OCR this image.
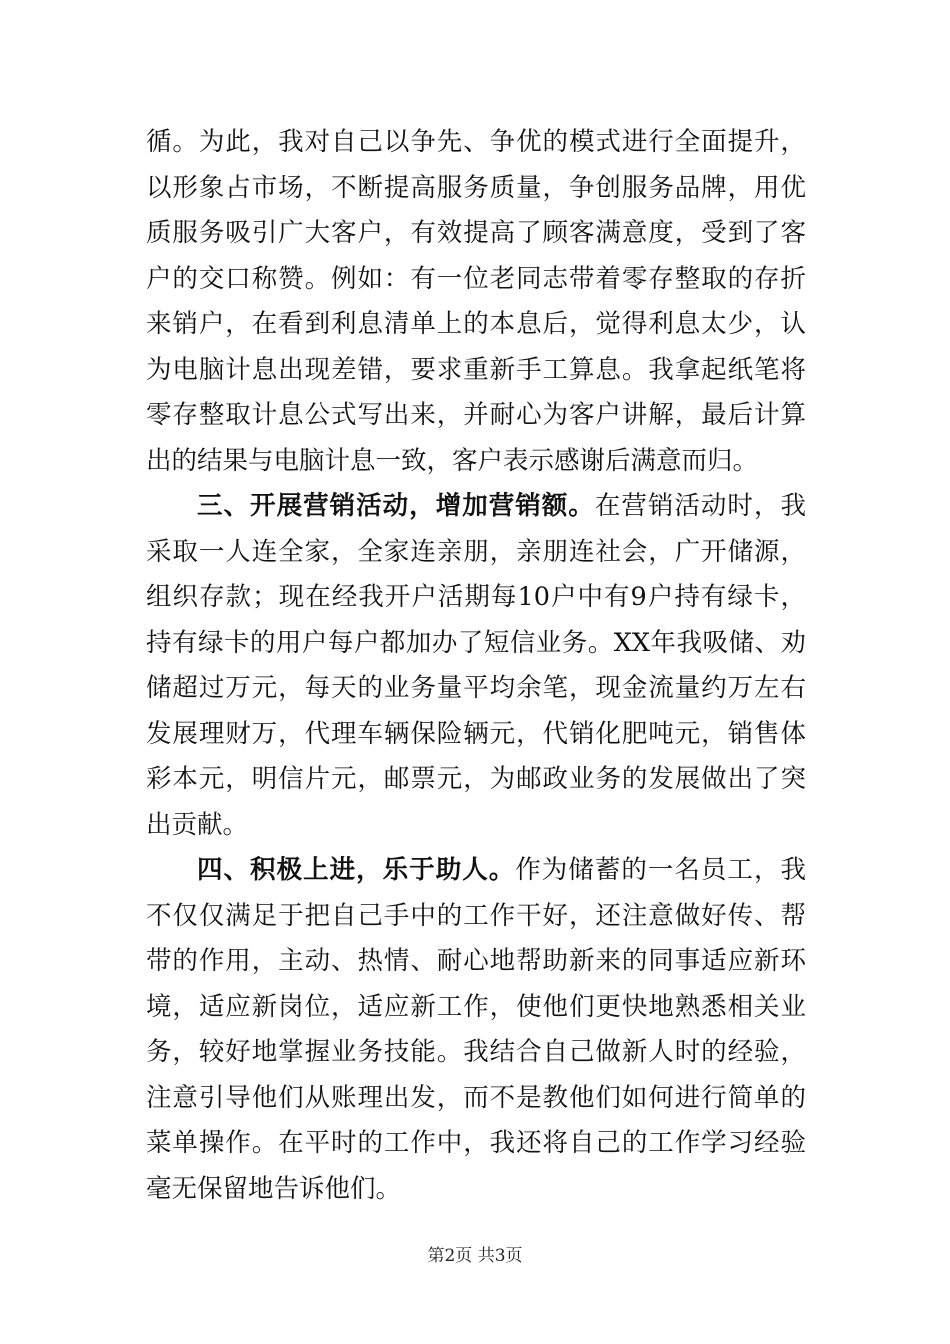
循。为此，我对自己以争先、争优的模式进行全面提升，以形象占市场，不断提高服务质量，争创服务品牌，用优质服务吸引广大客户，有效提高了顾客满意度，受到了客户的交口称赞。例如：有一位老同志带着零存整取的存折来销户，在看到利息清单上的本息后，觉得利息太少，认为电脑计息出现差错，要求重新手工算息。我拿起纸笔将零存整取计息公式写出来，并耐心为客户讲解，最后计算出的结果与电脑计息一致，客户表示感谢后满意而归。

三、开展营销活动，增加营销额。在营销活动时，我采取一人连全家，全家连亲朋，亲朋连社会，广开储源，组织存款；现在经我开户活期每10户中有9户持有绿卡，持有绿卡的用户每户都加办了短信业务。XX年我吸储、劝储超过万元，每天的业务量平均余笔，现金流量约万左右发展理财万，代理车辆保险辆元，代销化肥吨元，销售体彩本元，明信片元，邮票元，为邮政业务的发展做出了突出贡献。

四、积极上进，乐于助人。作为储蓄的一名员工，我不仅仅满足于把自己手中的工作干好，还注意做好传、帮带的作用，主动、热情、耐心地帮助新来的同事适应新环境，适应新岗位，适应新工作，使他们更快地熟悉相关业务，较好地掌握业务技能。我结合自己做新人时的经验，注意引导他们从账理出发，而不是教他们如何进行简单的菜单操作。在平时的工作中，我还将自己的工作学习经验毫无保留地告诉他们。

第2页 共3页
